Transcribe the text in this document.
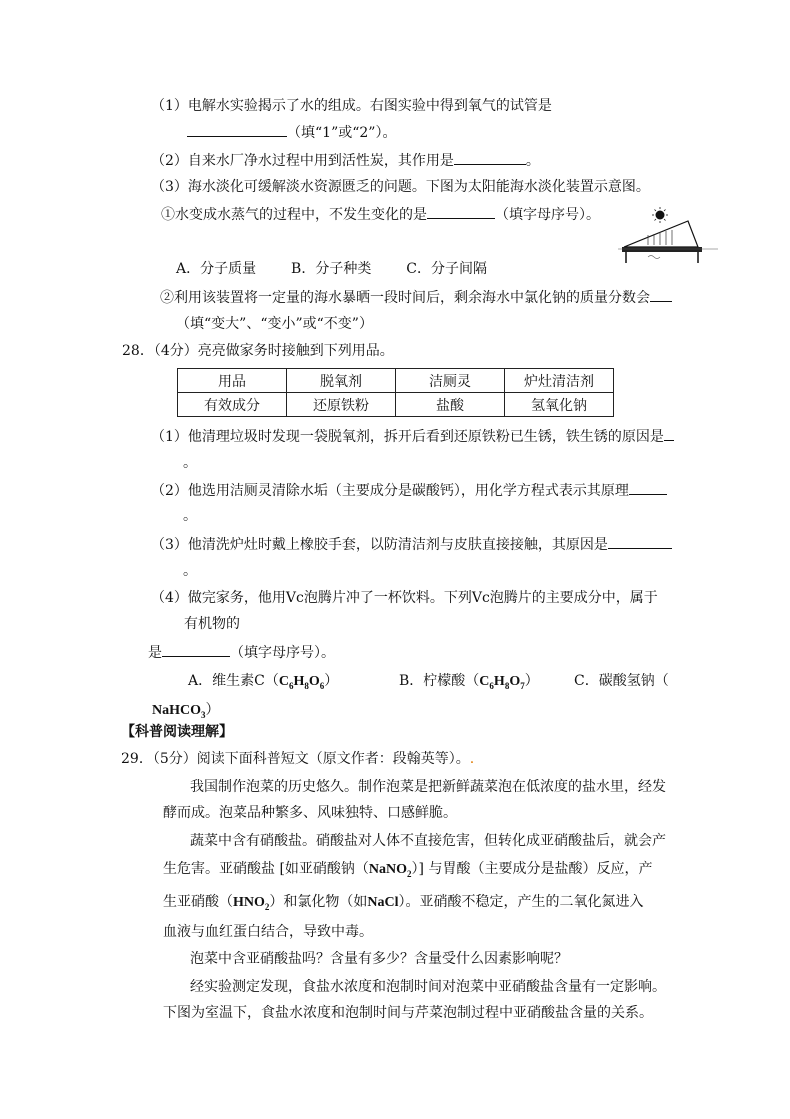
（1）电解水实验揭示了水的组成。右图实验中得到氧气的试管是
（填“1”或“2”）。
（2）自来水厂净水过程中用到活性炭，其作用是	。
（3）海水淡化可缓解淡水资源匮乏的问题。下图为太阳能海水淡化装置示意图。
①水变成水蒸气的过程中，不发生变化的是	（填字母序号）。
A．分子质量 B．分子种类 C．分子间隔
②利用该装置将一定量的海水暴晒一段时间后，剩余海水中氯化钠的质量分数会
（填“变大”、“变小”或“不变”）
28．（4分）亮亮做家务时接触到下列用品。
用品	脱氧剂	洁厕灵	炉灶清洁剂
有效成分	还原铁粉	盐酸	氢氧化钠
（1）他清理垃圾时发现一袋脱氧剂，拆开后看到还原铁粉已生锈，铁生锈的原因是
。
（2）他选用洁厕灵清除水垢（主要成分是碳酸钙），用化学方程式表示其原理
。
（3）他清洗炉灶时戴上橡胶手套，以防清洁剂与皮肤直接接触，其原因是
。
（4）做完家务，他用Vc泡腾片冲了一杯饮料。下列Vc泡腾片的主要成分中，属于
有机物的
是	（填字母序号）。
A．维生素$C(C_6H_8O_6)$	B．柠檬酸$(C_6H_8O_7)$	C．碳酸氢钠（
NaHCO$_3$）
【科普阅读理解】
29．（5分）阅读下面科普短文（原文作者：段翰英等）。.
我国制作泡菜的历史悠久。制作泡菜是把新鲜蔬菜泡在低浓度的盐水里，经发
酵而成。泡菜品种繁多、风味独特、口感鲜脆。
蔬菜中含有硝酸盐。硝酸盐对人体不直接危害，但转化成亚硝酸盐后，就会产
生危害。亚硝酸盐 [如亚硝酸钠（NaNO$_2$）] 与胃酸（主要成分是盐酸）反应，产
生亚硝酸$(HNO_2)$和氯化物（如NaCl）。亚硝酸不稳定，产生的二氧化氮进入
血液与血红蛋白结合，导致中毒。
泡菜中含亚硝酸盐吗？含量有多少？含量受什么因素影响呢？
经实验测定发现，食盐水浓度和泡制时间对泡菜中亚硝酸盐含量有一定影响。
下图为室温下，食盐水浓度和泡制时间与芹菜泡制过程中亚硝酸盐含量的关系。
